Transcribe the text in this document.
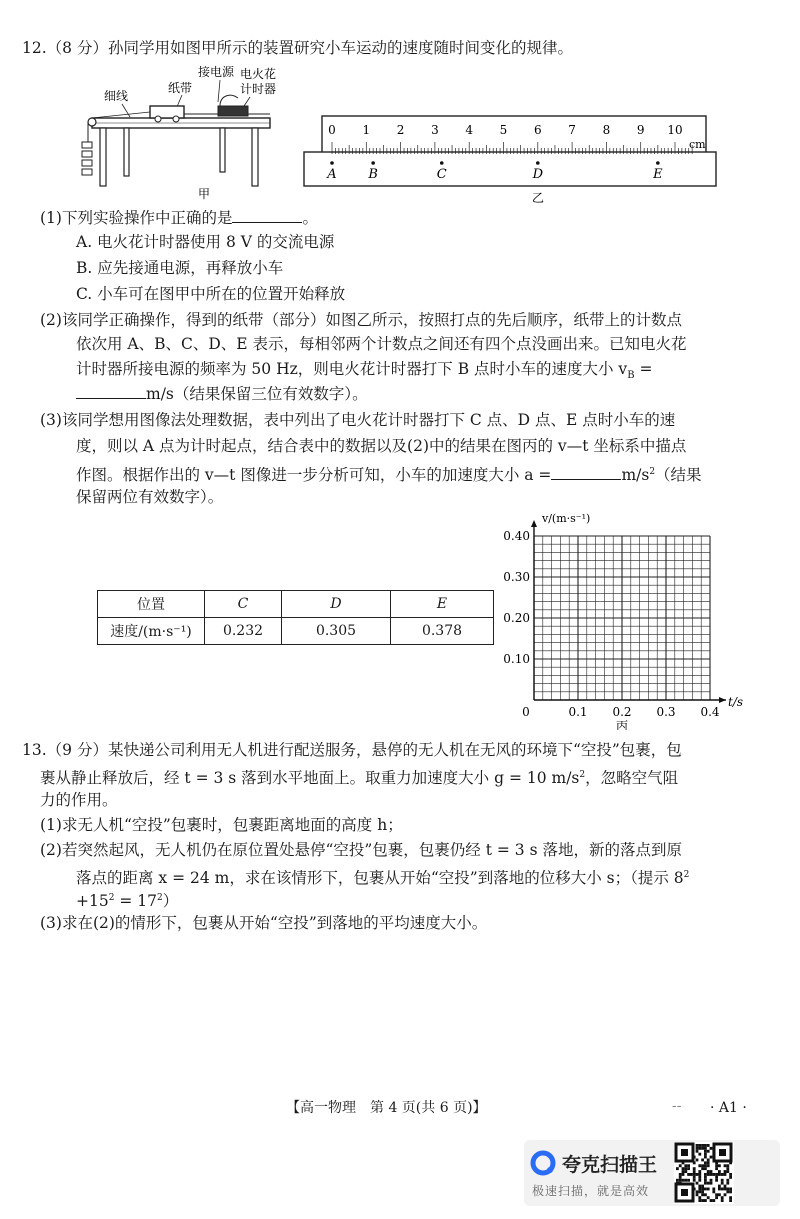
12.（8 分）孙同学用如图甲所示的装置研究小车运动的速度随时间变化的规律。
细线
纸带
接电源 电火花
计时器
甲
0 1 2 3 4 5 6 7 8 9 10
cm
A B	C	D	E
乙
(1)下列实验操作中正确的是	。
A. 电火花计时器使用 8 V 的交流电源
B. 应先接通电源，再释放小车
C. 小车可在图甲中所在的位置开始释放
(2)该同学正确操作，得到的纸带（部分）如图乙所示，按照打点的先后顺序，纸带上的计数点
依次用 A、B、C、D、E 表示，每相邻两个计数点之间还有四个点没画出来。已知电火花
计时器所接电源的频率为 50 Hz，则电火花计时器打下 B 点时小车的速度大小 $v_B$ =
m/s（结果保留三位有效数字）。
(3)该同学想用图像法处理数据，表中列出了电火花计时器打下 C 点、D 点、E 点时小车的速
度，则以 A 点为计时起点，结合表中的数据以及(2)中的结果在图丙的 v—t 坐标系中描点
作图。根据作出的 v—t 图像进一步分析可知，小车的加速度大小 a =	$m/s^2$（结果
保留两位有效数字）。
位置	C	D	E
速度/(m·s⁻¹)	0.232	0.305	0.378
0	0.1 0.2 0.3 0.4
0.10
0.20
0.30
0.40
v/(m·s⁻¹)
t/s
丙
13.（9 分）某快递公司利用无人机进行配送服务，悬停的无人机在无风的环境下“空投”包裹，包
裹从静止释放后，经 t = 3 s 落到水平地面上。取重力加速度大小 g = 10 $m/s^2$，忽略空气阻
力的作用。
(1)求无人机“空投”包裹时，包裹距离地面的高度 h；
(2)若突然起风，无人机仍在原位置处悬停“空投”包裹，包裹仍经 t = 3 s 落地，新的落点到原
落点的距离 x = 24 m，求在该情形下，包裹从开始“空投”到落地的位移大小 s；（提示 $8^2$
$+15^2 = 17^2$）
(3)求在(2)的情形下，包裹从开始“空投”到落地的平均速度大小。
【高一物理　第 4 页(共 6 页)】	-- · A1 ·
夸克扫描王
极速扫描，就是高效
